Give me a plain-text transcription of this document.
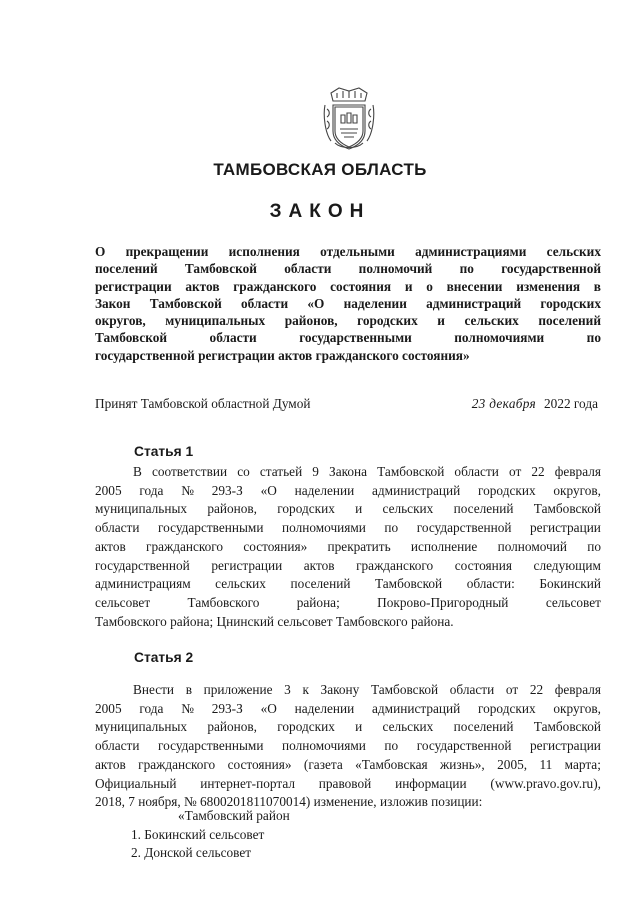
ТАМБОВСКАЯ ОБЛАСТЬ
ЗАКОН
О прекращении исполнения отдельными администрациями сельских
поселений Тамбовской области полномочий по государственной
регистрации актов гражданского состояния и о внесении изменения в
Закон Тамбовской области «О наделении администраций городских
округов, муниципальных районов, городских и сельских поселений
Тамбовской	области	государственными	полномочиями	по
государственной регистрации актов гражданского состояния»
Принят Тамбовской областной Думой	23 декабря 2022 года
Статья 1
В соответствии со статьей 9 Закона Тамбовской области от 22 февраля
2005 года № 293-З «О наделении администраций городских округов,
муниципальных районов, городских и сельских поселений Тамбовской
области государственными полномочиями по государственной регистрации
актов гражданского состояния» прекратить исполнение полномочий по
государственной регистрации актов гражданского состояния следующим
администрациям сельских поселений Тамбовской области: Бокинский
сельсовет	Тамбовского	района;	Покрово-Пригородный	сельсовет
Тамбовского района; Цнинский сельсовет Тамбовского района.
Статья 2
Внести в приложение 3 к Закону Тамбовской области от 22 февраля
2005 года № 293-З «О наделении администраций городских округов,
муниципальных районов, городских и сельских поселений Тамбовской
области государственными полномочиями по государственной регистрации
актов гражданского состояния» (газета «Тамбовская жизнь», 2005, 11 марта;
Официальный интернет-портал правовой информации (www.pravo.gov.ru),
2018, 7 ноября, № 6800201811070014) изменение, изложив позиции:
«Тамбовский район
1. Бокинский сельсовет
2. Донской сельсовет
